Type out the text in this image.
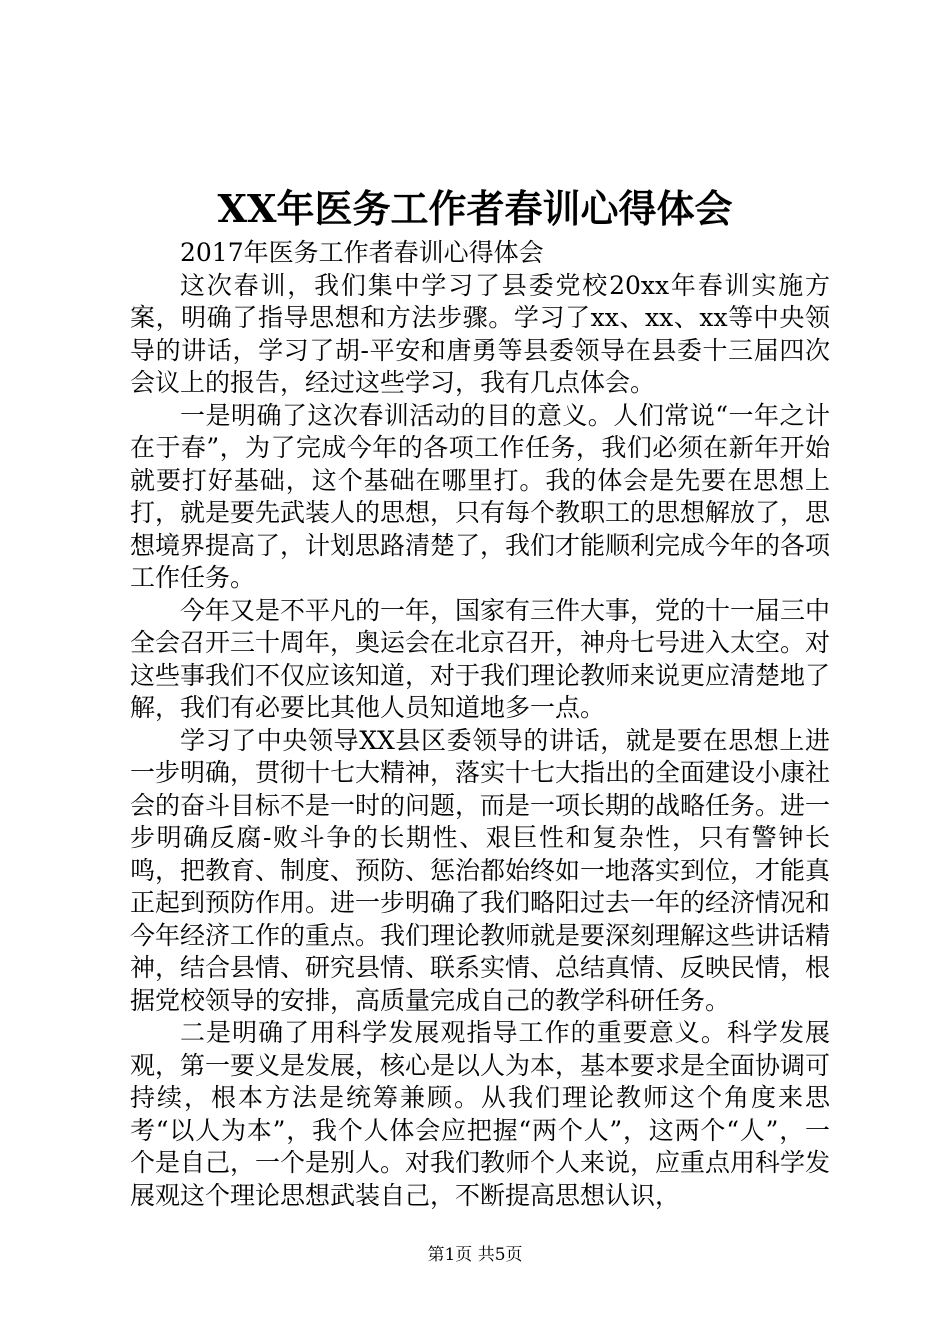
XX年医务工作者春训心得体会

2017年医务工作者春训心得体会

这次春训，我们集中学习了县委党校20xx年春训实施方案，明确了指导思想和方法步骤。学习了xx、xx、xx等中央领导的讲话，学习了胡-平安和唐勇等县委领导在县委十三届四次会议上的报告，经过这些学习，我有几点体会。

一是明确了这次春训活动的目的意义。人们常说“一年之计在于春”，为了完成今年的各项工作任务，我们必须在新年开始就要打好基础，这个基础在哪里打。我的体会是先要在思想上打，就是要先武装人的思想，只有每个教职工的思想解放了，思想境界提高了，计划思路清楚了，我们才能顺利完成今年的各项工作任务。

今年又是不平凡的一年，国家有三件大事，党的十一届三中全会召开三十周年，奥运会在北京召开，神舟七号进入太空。对这些事我们不仅应该知道，对于我们理论教师来说更应清楚地了解，我们有必要比其他人员知道地多一点。

学习了中央领导XX县区委领导的讲话，就是要在思想上进一步明确，贯彻十七大精神，落实十七大指出的全面建设小康社会的奋斗目标不是一时的问题，而是一项长期的战略任务。进一步明确反腐-败斗争的长期性、艰巨性和复杂性，只有警钟长鸣，把教育、制度、预防、惩治都始终如一地落实到位，才能真正起到预防作用。进一步明确了我们略阳过去一年的经济情况和今年经济工作的重点。我们理论教师就是要深刻理解这些讲话精神，结合县情、研究县情、联系实情、总结真情、反映民情，根据党校领导的安排，高质量完成自己的教学科研任务。

二是明确了用科学发展观指导工作的重要意义。科学发展观，第一要义是发展，核心是以人为本，基本要求是全面协调可持续，根本方法是统筹兼顾。从我们理论教师这个角度来思考“以人为本”，我个人体会应把握“两个人”，这两个“人”，一个是自己，一个是别人。对我们教师个人来说，应重点用科学发展观这个理论思想武装自己，不断提高思想认识，

第1页 共5页
